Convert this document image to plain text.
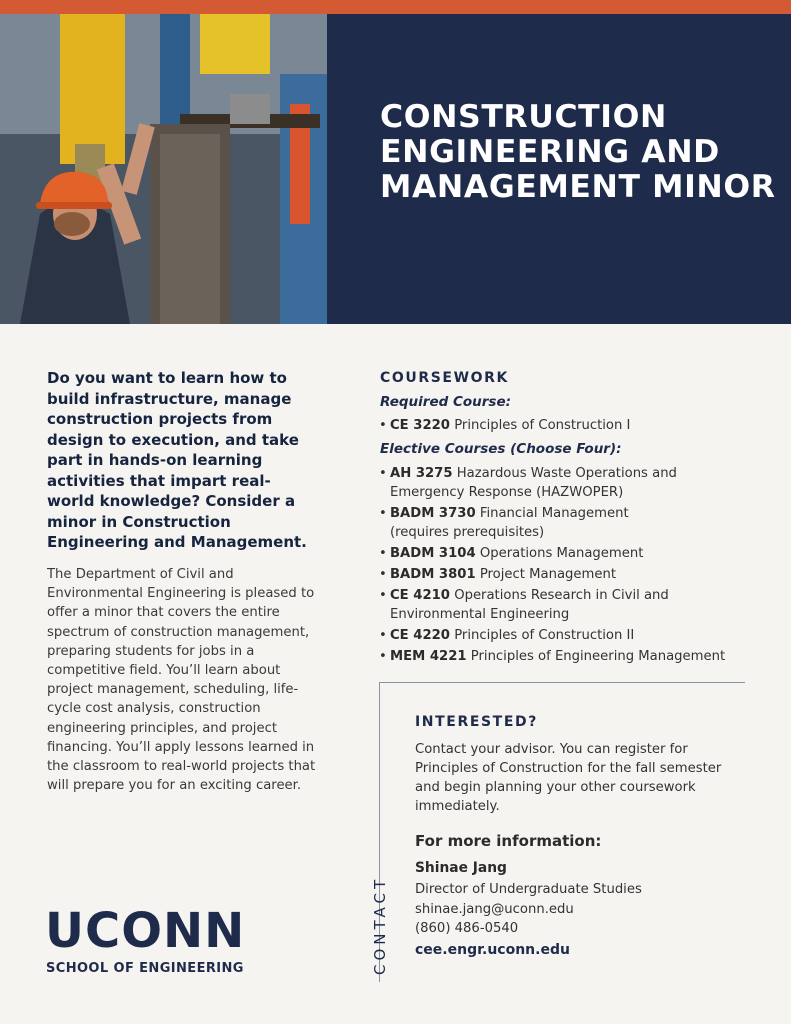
CONSTRUCTION ENGINEERING AND MANAGEMENT MINOR

Do you want to learn how to build infrastructure, manage construction projects from design to execution, and take part in hands-on learning activities that impart real-world knowledge? Consider a minor in Construction Engineering and Management.

The Department of Civil and Environmental Engineering is pleased to offer a minor that covers the entire spectrum of construction management, preparing students for jobs in a competitive field. You’ll learn about project management, scheduling, life-cycle cost analysis, construction engineering principles, and project financing. You’ll apply lessons learned in the classroom to real-world projects that will prepare you for an exciting career.

COURSEWORK
Required Course:
• CE 3220 Principles of Construction I
Elective Courses (Choose Four):
• AH 3275 Hazardous Waste Operations and Emergency Response (HAZWOPER)
• BADM 3730 Financial Management (requires prerequisites)
• BADM 3104 Operations Management
• BADM 3801 Project Management
• CE 4210 Operations Research in Civil and Environmental Engineering
• CE 4220 Principles of Construction II
• MEM 4221 Principles of Engineering Management
CONTACT
INTERESTED?

Contact your advisor. You can register for Principles of Construction for the fall semester and begin planning your other coursework immediately.

For more information:

Shinae Jang

Director of Undergraduate Studies
shinae.jang@uconn.edu
(860) 486-0540

cee.engr.uconn.edu

UCONN
SCHOOL OF ENGINEERING
